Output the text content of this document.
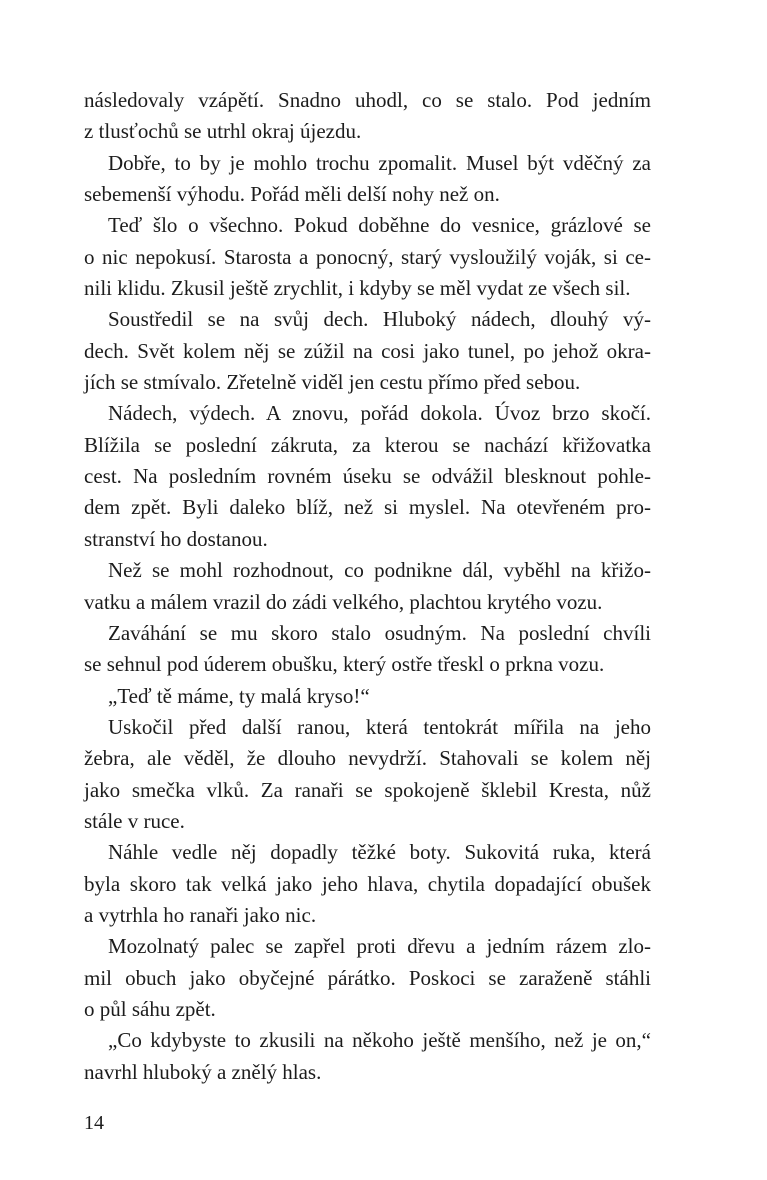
následovaly vzápětí. Snadno uhodl, co se stalo. Pod jedním
z tlusťochů se utrhl okraj újezdu.
Dobře, to by je mohlo trochu zpomalit. Musel být vděčný za
sebemenší výhodu. Pořád měli delší nohy než on.
Teď šlo o všechno. Pokud doběhne do vesnice, grázlové se
o nic nepokusí. Starosta a ponocný, starý vysloužilý voják, si ce-
nili klidu. Zkusil ještě zrychlit, i kdyby se měl vydat ze všech sil.
Soustředil se na svůj dech. Hluboký nádech, dlouhý vý-
dech. Svět kolem něj se zúžil na cosi jako tunel, po jehož okra-
jích se stmívalo. Zřetelně viděl jen cestu přímo před sebou.
Nádech, výdech. A znovu, pořád dokola. Úvoz brzo skočí.
Blížila se poslední zákruta, za kterou se nachází křižovatka
cest. Na posledním rovném úseku se odvážil blesknout pohle-
dem zpět. Byli daleko blíž, než si myslel. Na otevřeném pro-
stranství ho dostanou.
Než se mohl rozhodnout, co podnikne dál, vyběhl na křižo-
vatku a málem vrazil do zádi velkého, plachtou krytého vozu.
Zaváhání se mu skoro stalo osudným. Na poslední chvíli
se sehnul pod úderem obušku, který ostře třeskl o prkna vozu.
„Teď tě máme, ty malá kryso!“
Uskočil před další ranou, která tentokrát mířila na jeho
žebra, ale věděl, že dlouho nevydrží. Stahovali se kolem něj
jako smečka vlků. Za ranaři se spokojeně šklebil Kresta, nůž
stále v ruce.
Náhle vedle něj dopadly těžké boty. Sukovitá ruka, která
byla skoro tak velká jako jeho hlava, chytila dopadající obušek
a vytrhla ho ranaři jako nic.
Mozolnatý palec se zapřel proti dřevu a jedním rázem zlo-
mil obuch jako obyčejné párátko. Poskoci se zaraženě stáhli
o půl sáhu zpět.
„Co kdybyste to zkusili na někoho ještě menšího, než je on,“
navrhl hluboký a znělý hlas.
14
